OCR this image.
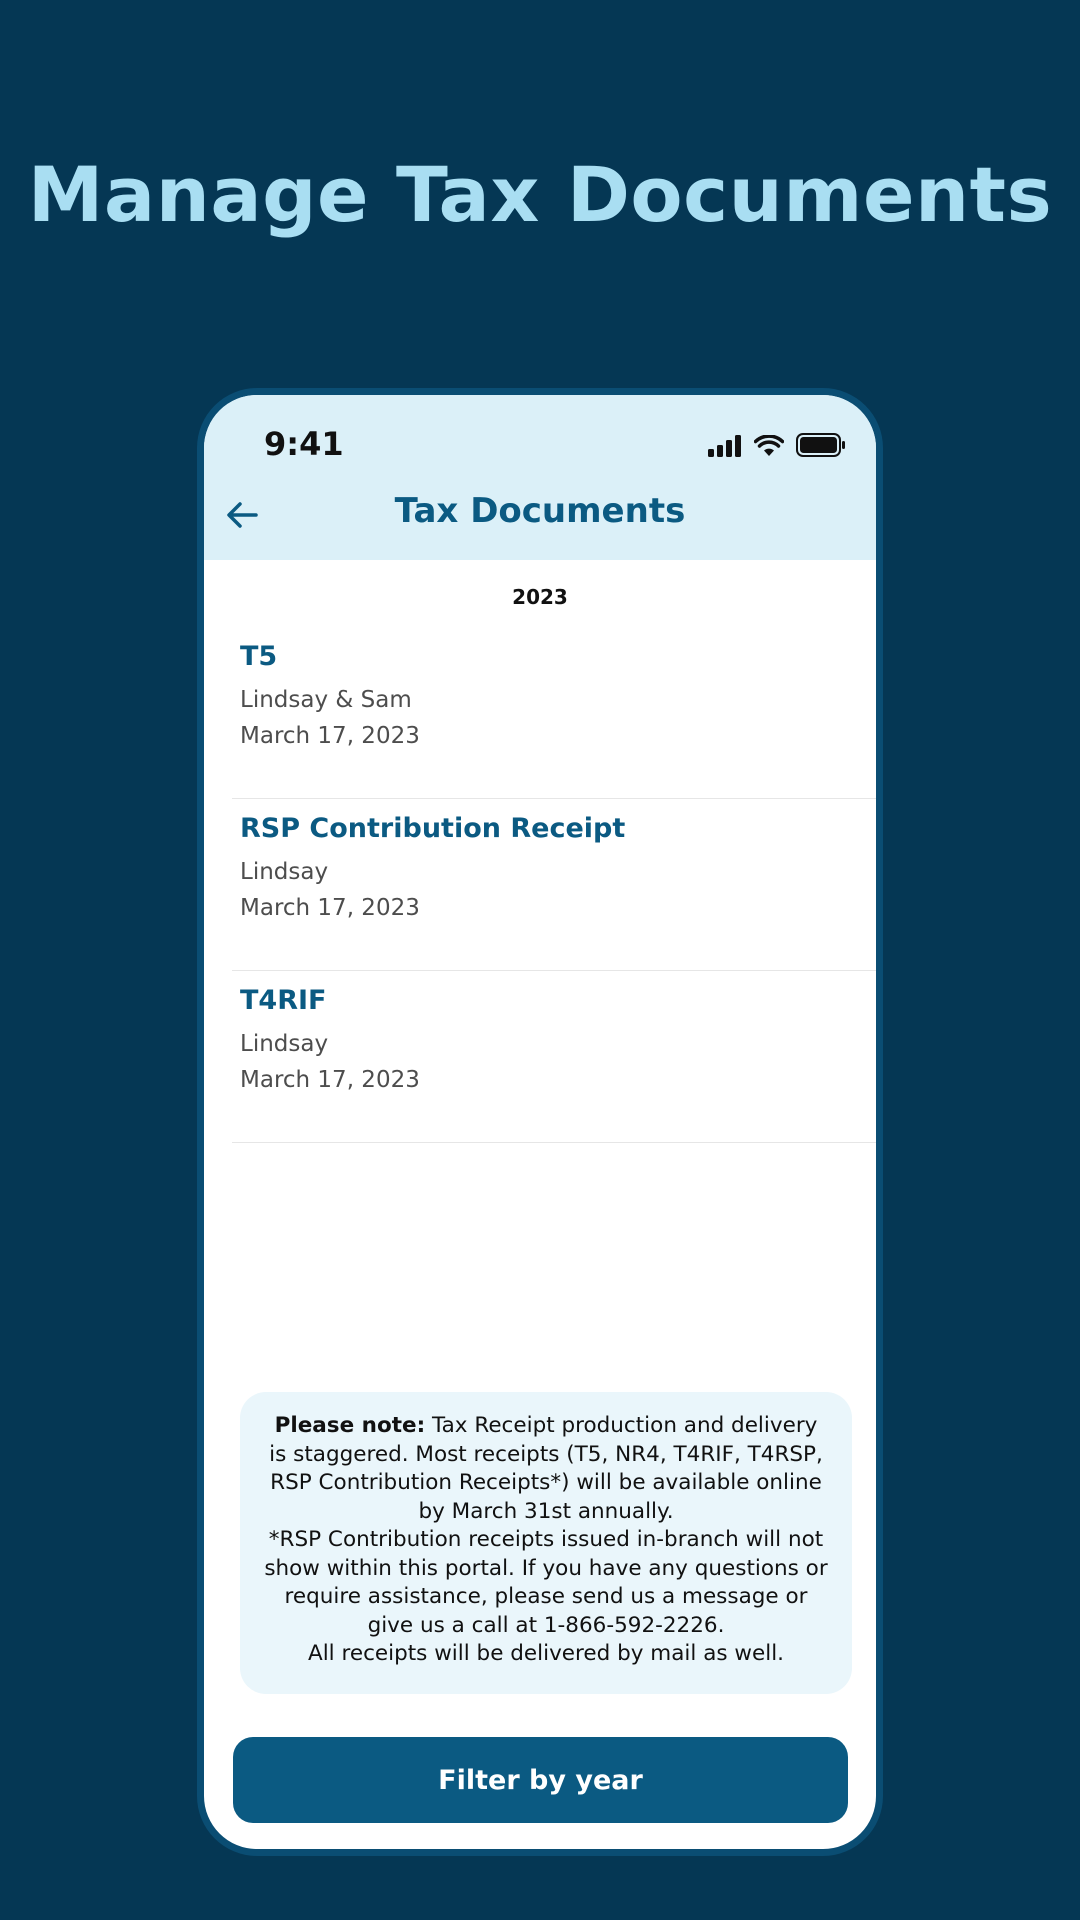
Manage Tax Documents
9:41
Tax Documents
2023
T5
Lindsay & Sam
March 17, 2023
RSP Contribution Receipt
Lindsay
March 17, 2023
T4RIF
Lindsay
March 17, 2023
Please note: Tax Receipt production and delivery is staggered. Most receipts (T5, NR4, T4RIF, T4RSP, RSP Contribution Receipts*) will be available online by March 31st annually.
*RSP Contribution receipts issued in-branch will not show within this portal. If you have any questions or require assistance, please send us a message or give us a call at 1-866-592-2226.
All receipts will be delivered by mail as well.
Filter by year
